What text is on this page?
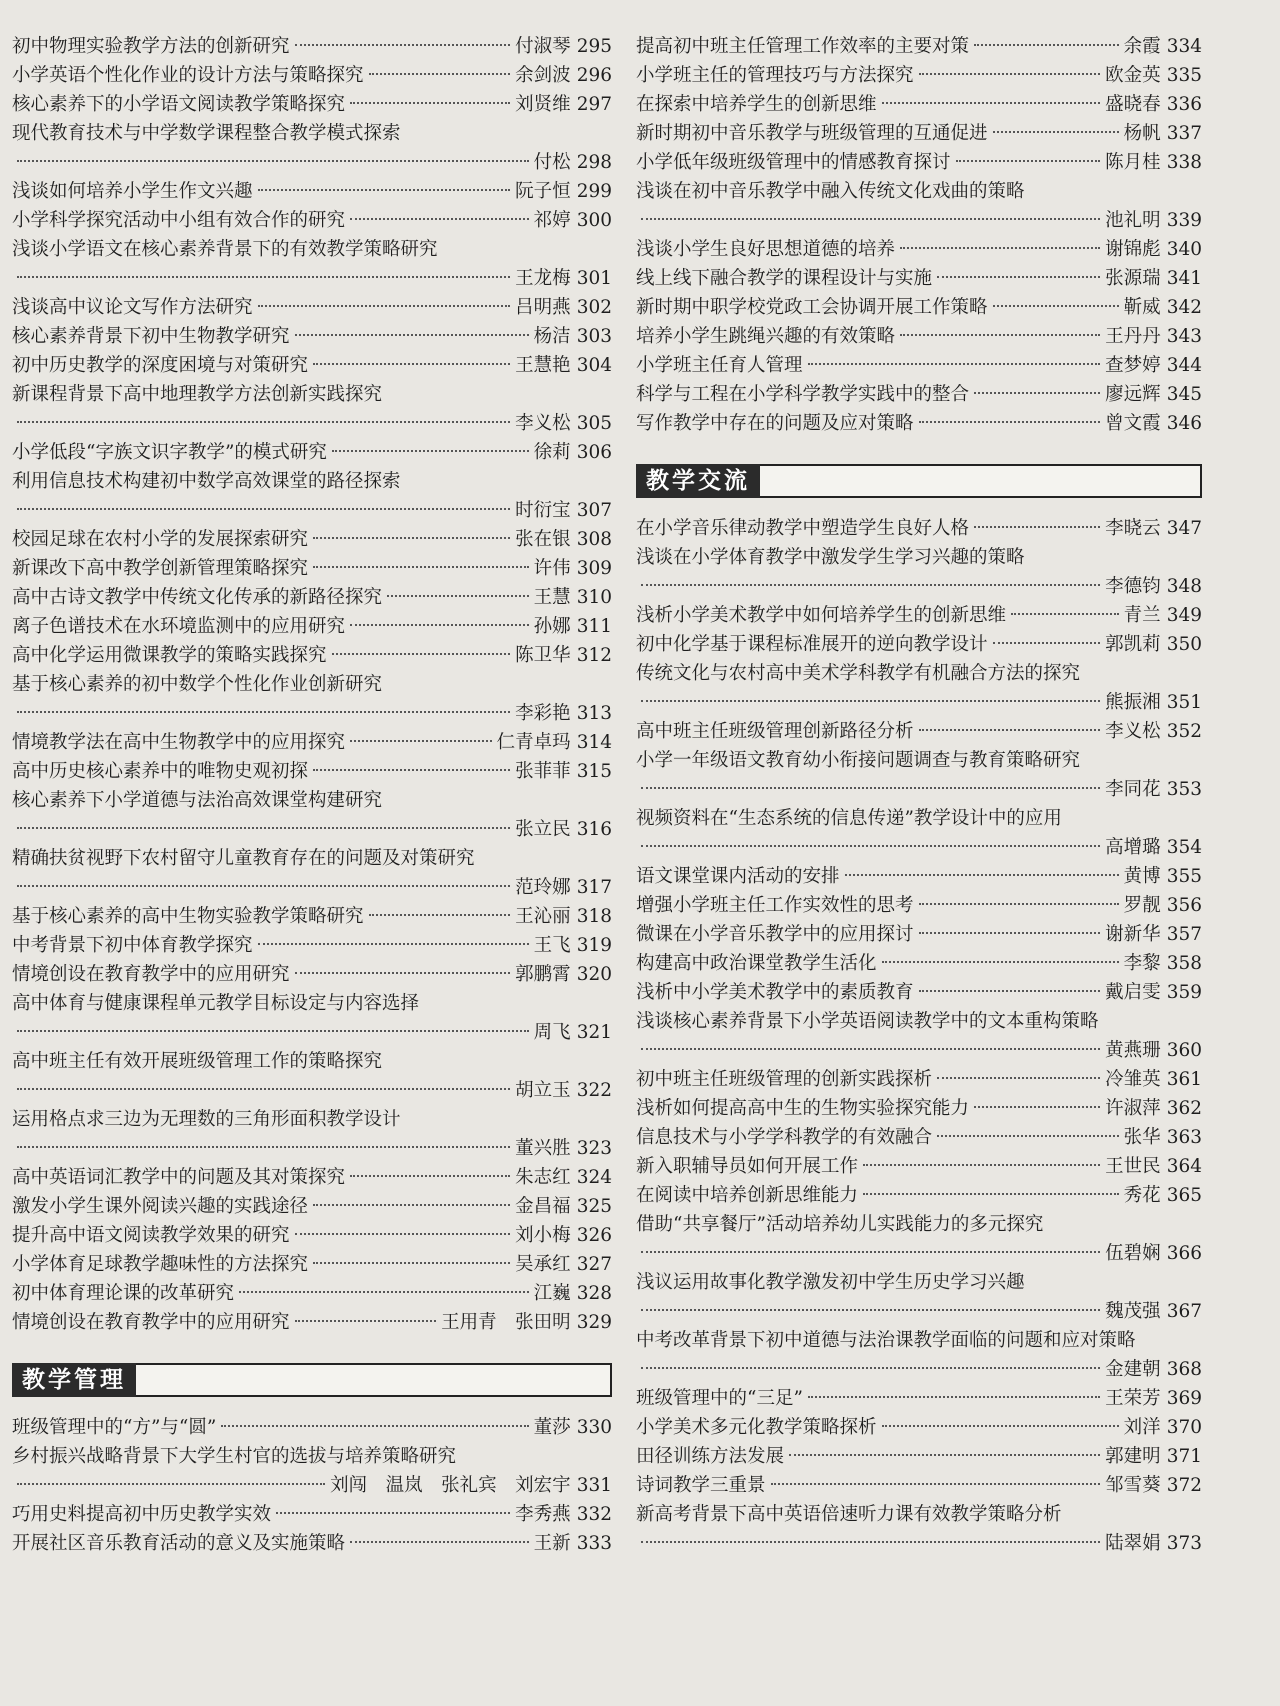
初中物理实验教学方法的创新研究	付淑琴 295
小学英语个性化作业的设计方法与策略探究	余剑波 296
核心素养下的小学语文阅读教学策略探究	刘贤维 297
现代教育技术与中学数学课程整合教学模式探索
付松 298
浅谈如何培养小学生作文兴趣	阮子恒 299
小学科学探究活动中小组有效合作的研究	祁婷 300
浅谈小学语文在核心素养背景下的有效教学策略研究
王龙梅 301
浅谈高中议论文写作方法研究	吕明燕 302
核心素养背景下初中生物教学研究	杨洁 303
初中历史教学的深度困境与对策研究	王慧艳 304
新课程背景下高中地理教学方法创新实践探究
李义松 305
小学低段“字族文识字教学”的模式研究	徐莉 306
利用信息技术构建初中数学高效课堂的路径探索
时衍宝 307
校园足球在农村小学的发展探索研究	张在银 308
新课改下高中教学创新管理策略探究	许伟 309
高中古诗文教学中传统文化传承的新路径探究	王慧 310
离子色谱技术在水环境监测中的应用研究	孙娜 311
高中化学运用微课教学的策略实践探究	陈卫华 312
基于核心素养的初中数学个性化作业创新研究
李彩艳 313
情境教学法在高中生物教学中的应用探究	仁青卓玛 314
高中历史核心素养中的唯物史观初探	张菲菲 315
核心素养下小学道德与法治高效课堂构建研究
张立民 316
精确扶贫视野下农村留守儿童教育存在的问题及对策研究
范玲娜 317
基于核心素养的高中生物实验教学策略研究	王沁丽 318
中考背景下初中体育教学探究	王飞 319
情境创设在教育教学中的应用研究	郭鹏霄 320
高中体育与健康课程单元教学目标设定与内容选择
周飞 321
高中班主任有效开展班级管理工作的策略探究
胡立玉 322
运用格点求三边为无理数的三角形面积教学设计
董兴胜 323
高中英语词汇教学中的问题及其对策探究	朱志红 324
激发小学生课外阅读兴趣的实践途径	金昌福 325
提升高中语文阅读教学效果的研究	刘小梅 326
小学体育足球教学趣味性的方法探究	吴承红 327
初中体育理论课的改革研究	江巍 328
情境创设在教育教学中的应用研究	王用青　张田明 329
教学管理
班级管理中的“方”与“圆”	董莎 330
乡村振兴战略背景下大学生村官的选拔与培养策略研究
刘闯　温岚　张礼宾　刘宏宇 331
巧用史料提高初中历史教学实效	李秀燕 332
开展社区音乐教育活动的意义及实施策略	王新 333
提高初中班主任管理工作效率的主要对策	余霞 334
小学班主任的管理技巧与方法探究	欧金英 335
在探索中培养学生的创新思维	盛晓春 336
新时期初中音乐教学与班级管理的互通促进	杨帆 337
小学低年级班级管理中的情感教育探讨	陈月桂 338
浅谈在初中音乐教学中融入传统文化戏曲的策略
池礼明 339
浅谈小学生良好思想道德的培养	谢锦彪 340
线上线下融合教学的课程设计与实施	张源瑞 341
新时期中职学校党政工会协调开展工作策略	靳威 342
培养小学生跳绳兴趣的有效策略	王丹丹 343
小学班主任育人管理	查梦婷 344
科学与工程在小学科学教学实践中的整合	廖远辉 345
写作教学中存在的问题及应对策略	曾文霞 346
教学交流
在小学音乐律动教学中塑造学生良好人格	李晓云 347
浅谈在小学体育教学中激发学生学习兴趣的策略
李德钧 348
浅析小学美术教学中如何培养学生的创新思维	青兰 349
初中化学基于课程标准展开的逆向教学设计	郭凯莉 350
传统文化与农村高中美术学科教学有机融合方法的探究
熊振湘 351
高中班主任班级管理创新路径分析	李义松 352
小学一年级语文教育幼小衔接问题调查与教育策略研究
李同花 353
视频资料在“生态系统的信息传递”教学设计中的应用
高增璐 354
语文课堂课内活动的安排	黄博 355
增强小学班主任工作实效性的思考	罗靓 356
微课在小学音乐教学中的应用探讨	谢新华 357
构建高中政治课堂教学生活化	李黎 358
浅析中小学美术教学中的素质教育	戴启雯 359
浅谈核心素养背景下小学英语阅读教学中的文本重构策略
黄燕珊 360
初中班主任班级管理的创新实践探析	冷雏英 361
浅析如何提高高中生的生物实验探究能力	许淑萍 362
信息技术与小学学科教学的有效融合	张华 363
新入职辅导员如何开展工作	王世民 364
在阅读中培养创新思维能力	秀花 365
借助“共享餐厅”活动培养幼儿实践能力的多元探究
伍碧娴 366
浅议运用故事化教学激发初中学生历史学习兴趣
魏茂强 367
中考改革背景下初中道德与法治课教学面临的问题和应对策略
金建朝 368
班级管理中的“三足”	王荣芳 369
小学美术多元化教学策略探析	刘洋 370
田径训练方法发展	郭建明 371
诗词教学三重景	邹雪葵 372
新高考背景下高中英语倍速听力课有效教学策略分析
陆翠娟 373
